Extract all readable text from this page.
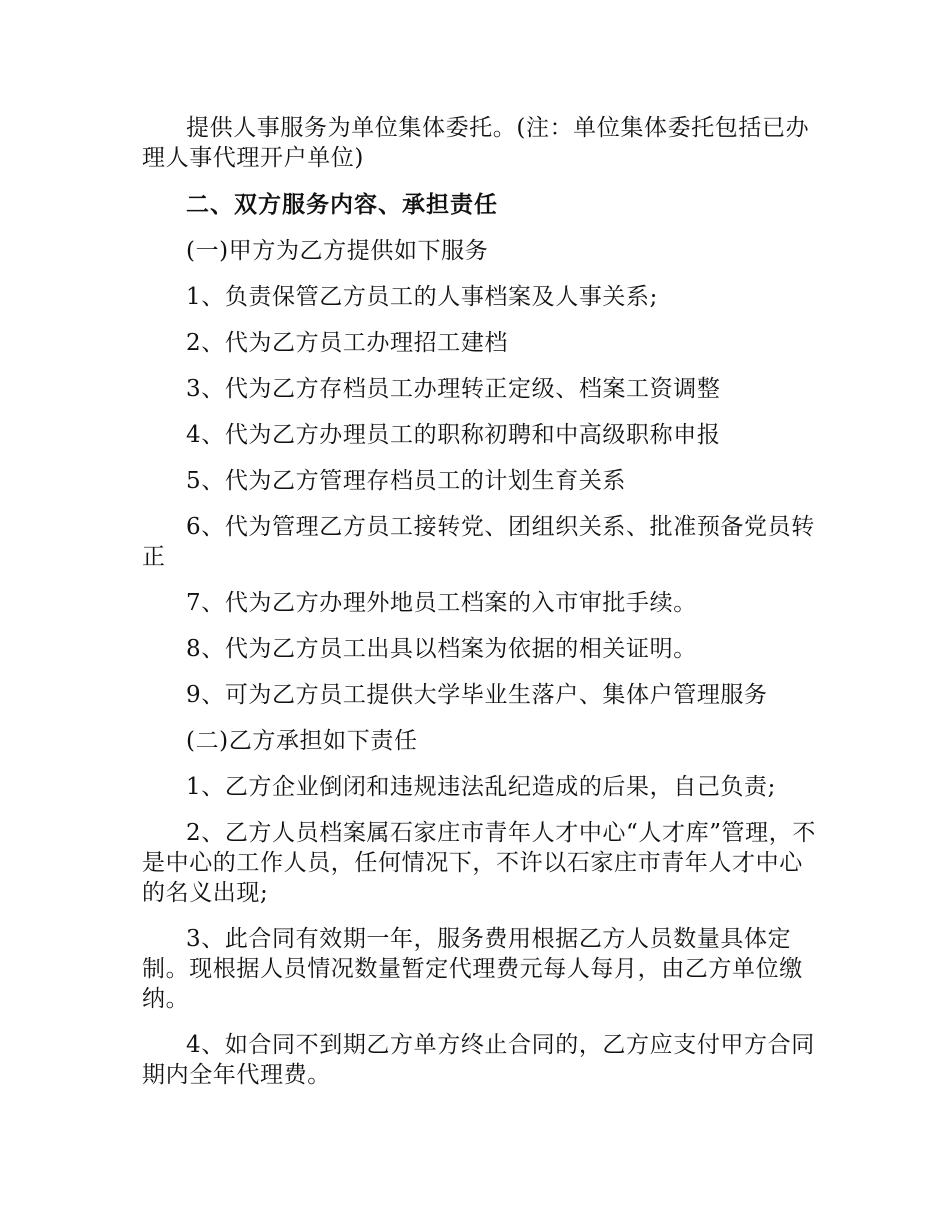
提供人事服务为单位集体委托。(注：单位集体委托包括已办理人事代理开户单位)

二、双方服务内容、承担责任

(一)甲方为乙方提供如下服务

1、负责保管乙方员工的人事档案及人事关系;

2、代为乙方员工办理招工建档

3、代为乙方存档员工办理转正定级、档案工资调整

4、代为乙方办理员工的职称初聘和中高级职称申报

5、代为乙方管理存档员工的计划生育关系

6、代为管理乙方员工接转党、团组织关系、批准预备党员转正

7、代为乙方办理外地员工档案的入市审批手续。

8、代为乙方员工出具以档案为依据的相关证明。

9、可为乙方员工提供大学毕业生落户、集体户管理服务

(二)乙方承担如下责任

1、乙方企业倒闭和违规违法乱纪造成的后果，自己负责;

2、乙方人员档案属石家庄市青年人才中心“人才库”管理，不是中心的工作人员，任何情况下，不许以石家庄市青年人才中心的名义出现;

3、此合同有效期一年，服务费用根据乙方人员数量具体定制。现根据人员情况数量暂定代理费元每人每月，由乙方单位缴纳。

4、如合同不到期乙方单方终止合同的，乙方应支付甲方合同期内全年代理费。
